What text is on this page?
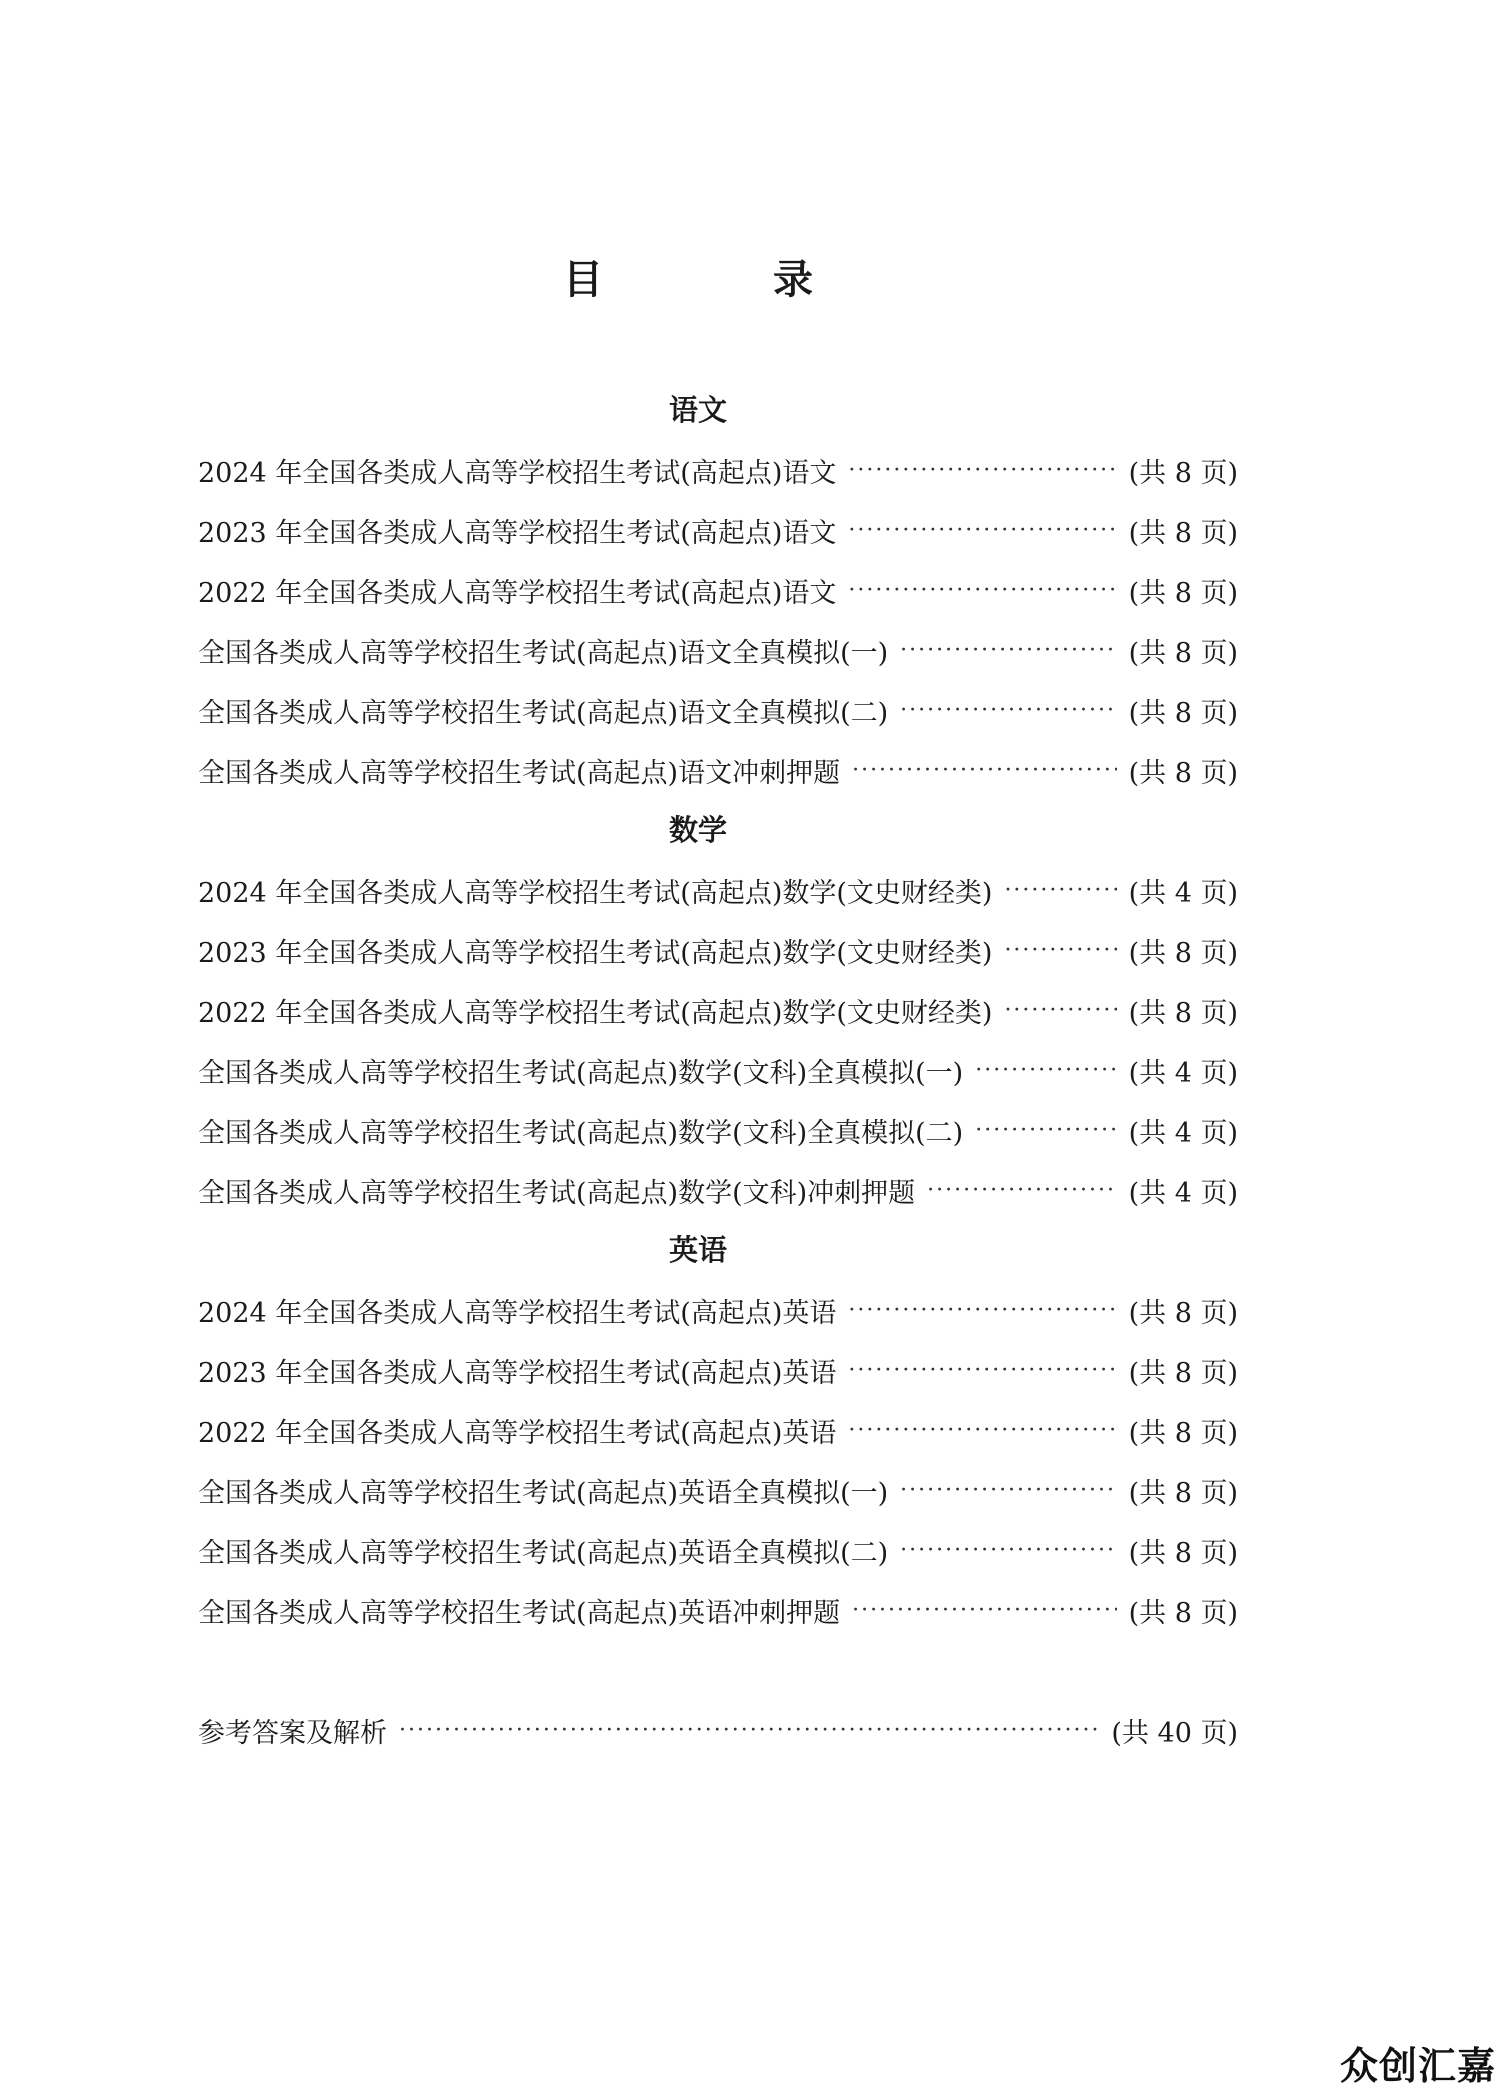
目 录
语文
2024 年全国各类成人高等学校招生考试(高起点)语文 ·····	(共 8 页)
2023 年全国各类成人高等学校招生考试(高起点)语文 ·····	(共 8 页)
2022 年全国各类成人高等学校招生考试(高起点)语文 ·····	(共 8 页)
全国各类成人高等学校招生考试(高起点)语文全真模拟(一) ·····	(共 8 页)
全国各类成人高等学校招生考试(高起点)语文全真模拟(二) ·····	(共 8 页)
全国各类成人高等学校招生考试(高起点)语文冲刺押题 ·····	(共 8 页)
数学
2024 年全国各类成人高等学校招生考试(高起点)数学(文史财经类) ·····	(共 4 页)
2023 年全国各类成人高等学校招生考试(高起点)数学(文史财经类) ·····	(共 8 页)
2022 年全国各类成人高等学校招生考试(高起点)数学(文史财经类) ·····	(共 8 页)
全国各类成人高等学校招生考试(高起点)数学(文科)全真模拟(一) ·····	(共 4 页)
全国各类成人高等学校招生考试(高起点)数学(文科)全真模拟(二) ·····	(共 4 页)
全国各类成人高等学校招生考试(高起点)数学(文科)冲刺押题 ·····	(共 4 页)
英语
2024 年全国各类成人高等学校招生考试(高起点)英语 ·····	(共 8 页)
2023 年全国各类成人高等学校招生考试(高起点)英语 ·····	(共 8 页)
2022 年全国各类成人高等学校招生考试(高起点)英语 ·····	(共 8 页)
全国各类成人高等学校招生考试(高起点)英语全真模拟(一) ·····	(共 8 页)
全国各类成人高等学校招生考试(高起点)英语全真模拟(二) ·····	(共 8 页)
全国各类成人高等学校招生考试(高起点)英语冲刺押题 ·····	(共 8 页)
参考答案及解析 ·····	(共 40 页)
众创汇嘉
